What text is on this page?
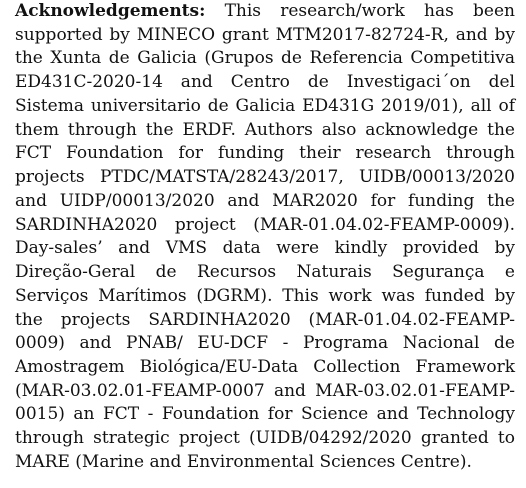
Acknowledgements: This research/work has been supported by MINECO grant MTM2017-82724-R, and by the Xunta de Galicia (Grupos de Referencia Competitiva ED431C-2020-14 and Centro de Investigaci´on del Sistema universitario de Galicia ED431G 2019/01), all of them through the ERDF. Authors also acknowledge the FCT Foundation for funding their research through projects PTDC/MATSTA/28243/2017, UIDB/00013/2020 and UIDP/00013/2020 and MAR2020 for funding the SARDINHA2020 project (MAR-01.04.02-FEAMP-0009). Day-sales’ and VMS data were kindly provided by Direção-Geral de Recursos Naturais Segurança e Serviços Marítimos (DGRM). This work was funded by the projects SARDINHA2020 (MAR-01.04.02-FEAMP-0009) and PNAB/ EU-DCF - Programa Nacional de Amostragem Biológica/EU-Data Collection Framework (MAR-03.02.01-FEAMP-0007 and MAR-03.02.01-FEAMP-0015) an FCT - Foundation for Science and Technology through strategic project (UIDB/04292/2020 granted to MARE (Marine and Environmental Sciences Centre).
